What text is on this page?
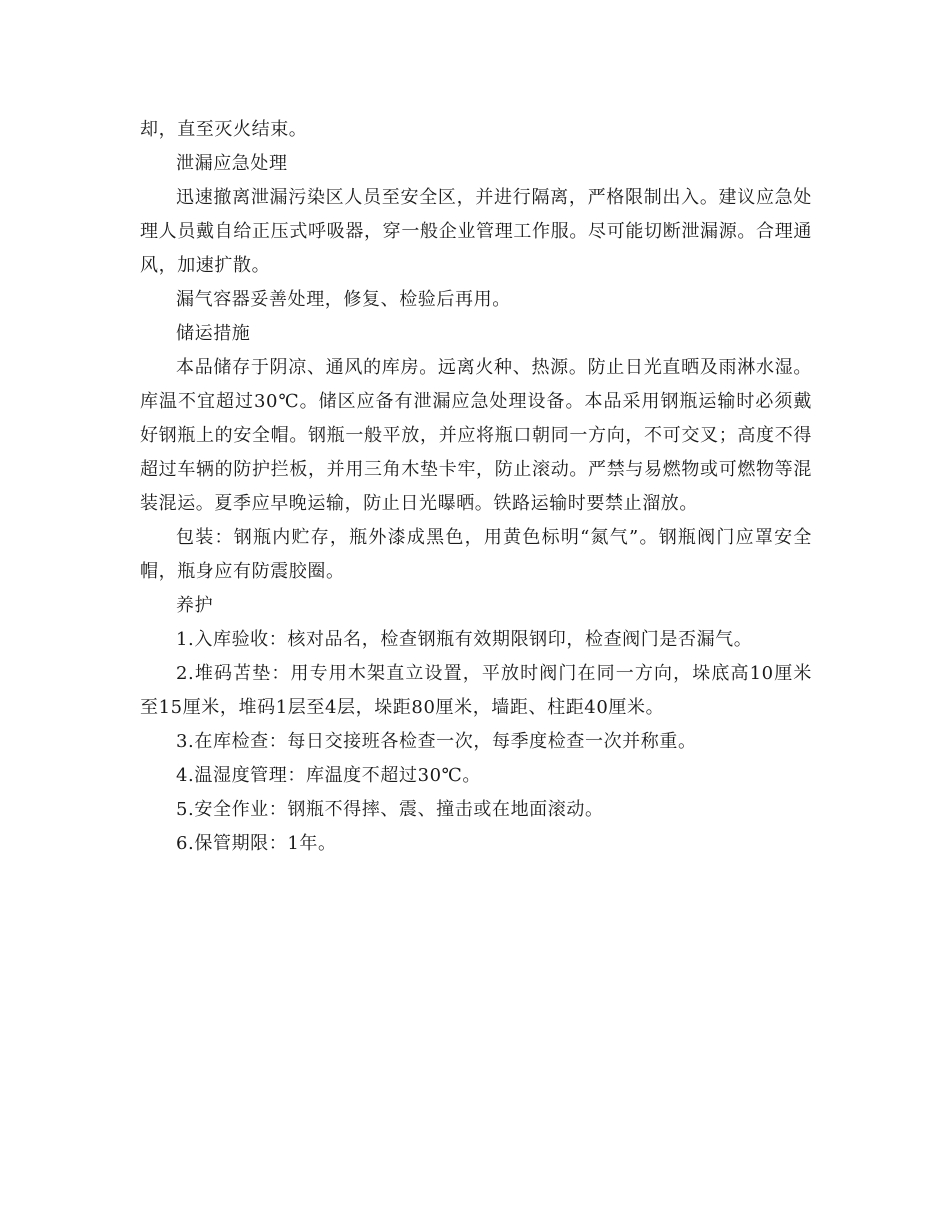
却，直至灭火结束。

泄漏应急处理

迅速撤离泄漏污染区人员至安全区，并进行隔离，严格限制出入。建议应急处理人员戴自给正压式呼吸器，穿一般企业管理工作服。尽可能切断泄漏源。合理通风，加速扩散。

漏气容器妥善处理，修复、检验后再用。

储运措施

本品储存于阴凉、通风的库房。远离火种、热源。防止日光直晒及雨淋水湿。库温不宜超过30℃。储区应备有泄漏应急处理设备。本品采用钢瓶运输时必须戴好钢瓶上的安全帽。钢瓶一般平放，并应将瓶口朝同一方向，不可交叉；高度不得超过车辆的防护拦板，并用三角木垫卡牢，防止滚动。严禁与易燃物或可燃物等混装混运。夏季应早晚运输，防止日光曝晒。铁路运输时要禁止溜放。

包装：钢瓶内贮存，瓶外漆成黑色，用黄色标明“氮气”。钢瓶阀门应罩安全帽，瓶身应有防震胶圈。

养护

1.入库验收：核对品名，检查钢瓶有效期限钢印，检查阀门是否漏气。

2.堆码苫垫：用专用木架直立设置，平放时阀门在同一方向，垛底高10厘米至15厘米，堆码1层至4层，垛距80厘米，墙距、柱距40厘米。

3.在库检查：每日交接班各检查一次，每季度检查一次并称重。

4.温湿度管理：库温度不超过30℃。

5.安全作业：钢瓶不得摔、震、撞击或在地面滚动。

6.保管期限：1年。
